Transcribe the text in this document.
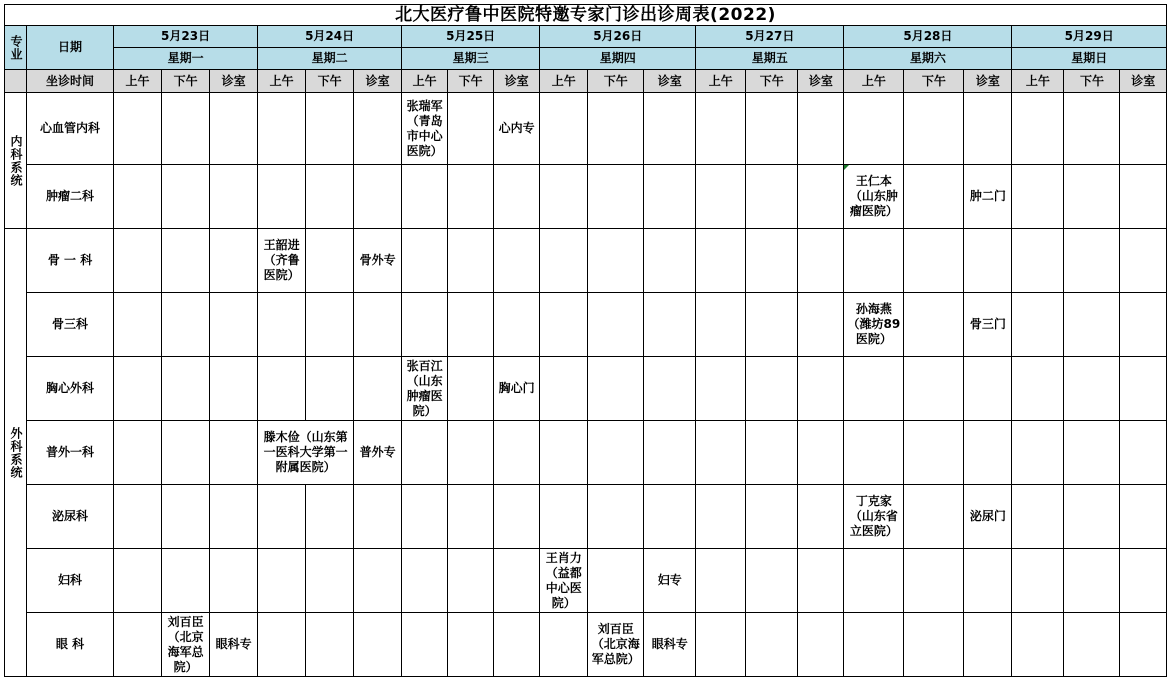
北大医疗鲁中医院特邀专家门诊出诊周表(2022)																						
专业	日期	5月23日			5月24日			5月25日			5月26日			5月27日			5月28日			5月29日		
		星期一			星期二			星期三			星期四			星期五			星期六			星期日		
	坐诊时间	上午	下午	诊室	上午	下午	诊室	上午	下午	诊室	上午	下午	诊室	上午	下午	诊室	上午	下午	诊室	上午	下午	诊室
内科系统	心血管内科							张瑞军（青岛市中心医院）		心内专												
	肿瘤二科																王仁本（山东肿瘤医院）		肿二门			
外科系统	骨 一 科				王韶进（齐鲁医院）		骨外专															
	骨三科																孙海燕（潍坊89医院）		骨三门			
	胸心外科							张百江（山东肿瘤医院）		胸心门												
	普外一科				滕木俭（山东第一医科大学第一附属医院）		普外专															
	泌尿科																丁克家（山东省立医院）		泌尿门			
	妇科										王肖力（益都中心医院）		妇专									
	眼 科		刘百臣（北京海军总院）	眼科专								刘百臣（北京海军总院）	眼科专									
